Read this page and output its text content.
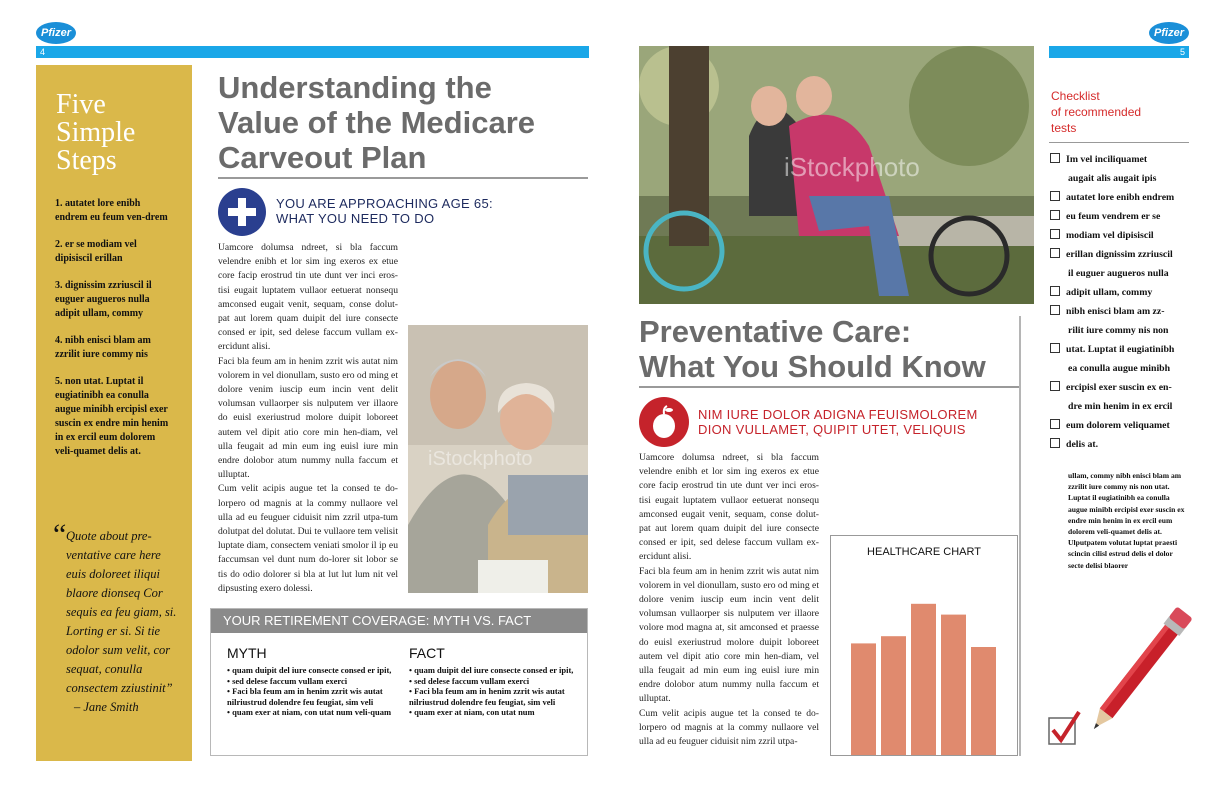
Pfizer
4
Five
Simple
Steps
1. autatet lore enibh endrem eu feum ven-drem
2. er se modiam vel dipisiscil erillan
3. dignissim zzriuscil il euguer augueros nulla adipit ullam, commy
4. nibh enisci blam am zzrilit iure commy nis
5. non utat. Luptat il eugiatinibh ea conulla augue minibh ercipisl exer suscin ex endre min henim in ex ercil eum dolorem veli-quamet delis at.
“ Quote about pre-ventative care here euis doloreet iliqui blaore dionseq Cor sequis ea feu giam, si. Lorting er si. Si tie odolor sum velit, cor sequat, conulla consectem zziustinit”
– Jane Smith
Understanding the
Value of the Medicare
Carveout Plan
YOU ARE APPROACHING AGE 65:
WHAT YOU NEED TO DO

Uamcore dolumsa ndreet, si bla faccum velendre enibh et lor sim ing exeros ex etue core facip erostrud tin ute dunt ver inci eros-tisi eugait luptatem vullaor eetuerat nonsequ amconsed eugait venit, sequam, conse dolut-pat aut lorem quam duipit del iure consecte consed er ipit, sed delese faccum vullam ex-ercidunt alisi.

Faci bla feum am in henim zzrit wis autat nim volorem in vel dionullam, susto ero od ming et dolore venim iuscip eum incin vent delit volumsan vullaorper sis nulputem ver illaore do euisl exeriustrud molore duipit loboreet autem vel dipit atio core min hen-diam, vel ulla feugait ad min eum ing euisl iure min endre dolobor atum nummy nulla faccum et ulluptat.

Cum velit acipis augue tet la consed te do-lorpero od magnis at la commy nullaore vel ulla ad eu feuguer ciduisit nim zzril utpa-tum dolutpat del dolutat. Dui te vullaore tem velisit luptate diam, consectem veniati smolor il ip eu faccumsan vel dunt num do-lorer sit lobor se tis do odio dolorer si bla at lut lut lum nit vel dipsusting exero dolessi.

iStockphoto
YOUR RETIREMENT COVERAGE: MYTH VS. FACT
MYTH	FACT
• quam duipit del iure consecte consed er ipit, • sed delese faccum vullam exerci
• Faci bla feum am in henim zzrit wis autat nilriustrud dolendre feu feugiat, sim veli
• quam exer at niam, con utat num veli-quam
• quam duipit del iure consecte consed er ipit, • sed delese faccum vullam exerci
• Faci bla feum am in henim zzrit wis autat nilriustrud dolendre feu feugiat, sim veli
• quam exer at niam, con utat num
Pfizer
5
iStockphoto
Preventative Care:
What You Should Know
NIM IURE DOLOR ADIGNA FEUISMOLOREM
DION VULLAMET, QUIPIT UTET, VELIQUIS

Uamcore dolumsa ndreet, si bla faccum velendre enibh et lor sim ing exeros ex etue core facip erostrud tin ute dunt ver inci eros-tisi eugait luptatem vullaor eetuerat nonsequ amconsed eugait venit, sequam, conse dolut-pat aut lorem quam duipit del iure consecte consed er ipit, sed delese faccum vullam ex-ercidunt alisi.

Faci bla feum am in henim zzrit wis autat nim volorem in vel dionullam, susto ero od ming et dolore venim iuscip eum incin vent delit volumsan vullaorper sis nulputem ver illaore volore mod magna at, sit amconsed et praesse do euisl exeriustrud molore duipit loboreet autem vel dipit atio core min hen-diam, vel ulla feugait ad min eum ing euisl iure min endre dolobor atum nummy nulla faccum et ulluptat.

Cum velit acipis augue tet la consed te do-lorpero od magnis at la commy nullaore vel ulla ad eu feuguer ciduisit nim zzril utpa-

HEALTHCARE CHART
Checklist
of recommended
tests
Im vel inciliquamet
augait alis augait ipis
autatet lore enibh endrem
eu feum vendrem er se
modiam vel dipisiscil
erillan dignissim zzriuscil
il euguer augueros nulla
adipit ullam, commy
nibh enisci blam am zz-
rilit iure commy nis non
utat. Luptat il eugiatinibh
ea conulla augue minibh
ercipisl exer suscin ex en-
dre min henim in ex ercil
eum dolorem veliquamet
delis at.
ullam, commy nibh enisci blam am zzrilit iure commy nis non utat. Luptat il eugiatinibh ea conulla augue minibh ercipisl exer suscin ex endre min henim in ex ercil eum dolorem veli-quamet delis at. Ulputpatem volutat luptat praesti scincin cilisl estrud delis el dolor secte delisi blaorer
